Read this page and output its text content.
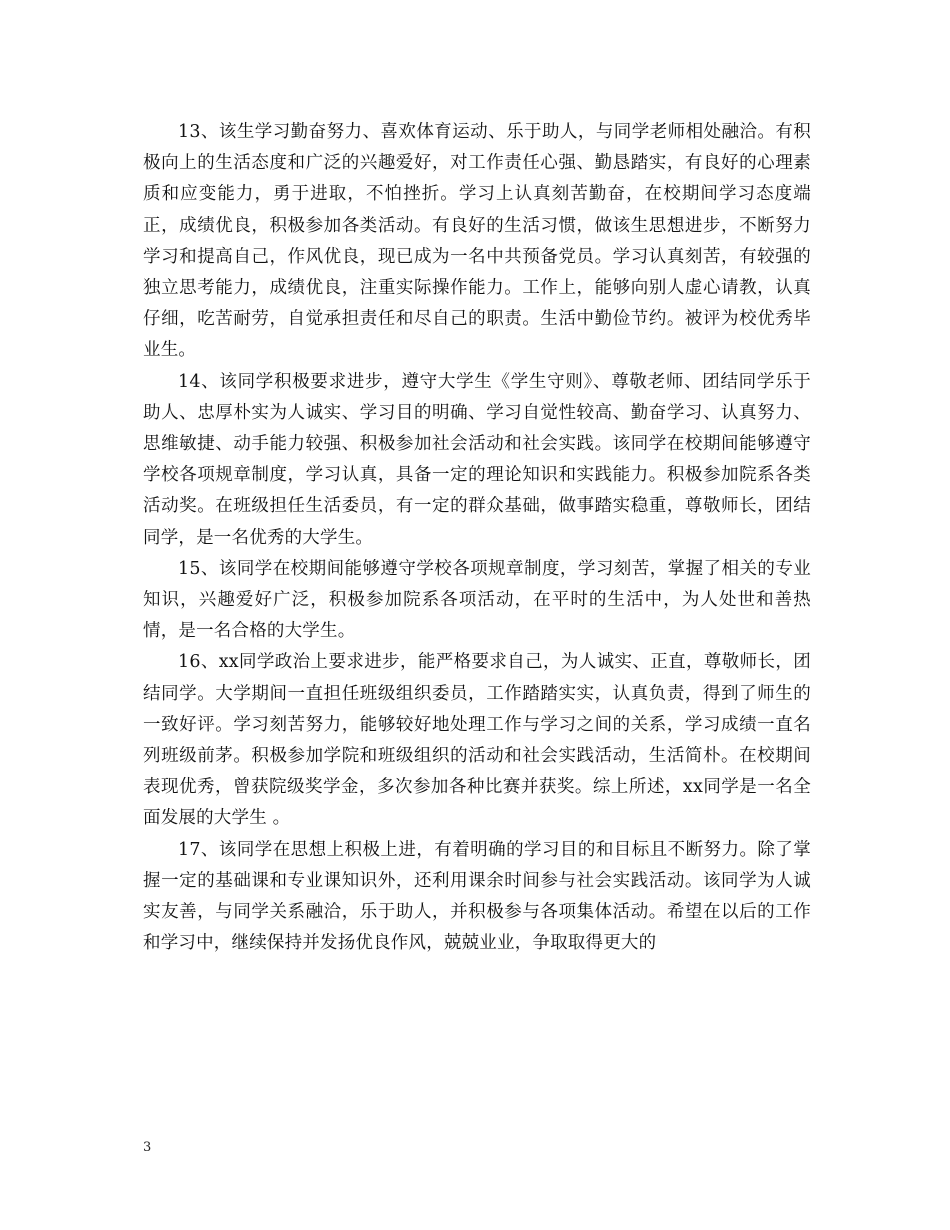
13、该生学习勤奋努力、喜欢体育运动、乐于助人，与同学老师相处融洽。有积极向上的生活态度和广泛的兴趣爱好，对工作责任心强、勤恳踏实，有良好的心理素质和应变能力，勇于进取，不怕挫折。学习上认真刻苦勤奋，在校期间学习态度端正，成绩优良，积极参加各类活动。有良好的生活习惯，做该生思想进步，不断努力学习和提高自己，作风优良，现已成为一名中共预备党员。学习认真刻苦，有较强的独立思考能力，成绩优良，注重实际操作能力。工作上，能够向别人虚心请教，认真仔细，吃苦耐劳，自觉承担责任和尽自己的职责。生活中勤俭节约。被评为校优秀毕业生。

14、该同学积极要求进步，遵守大学生《学生守则》、尊敬老师、团结同学乐于助人、忠厚朴实为人诚实、学习目的明确、学习自觉性较高、勤奋学习、认真努力、思维敏捷、动手能力较强、积极参加社会活动和社会实践。该同学在校期间能够遵守学校各项规章制度，学习认真，具备一定的理论知识和实践能力。积极参加院系各类活动奖。在班级担任生活委员，有一定的群众基础，做事踏实稳重，尊敬师长，团结同学，是一名优秀的大学生。

15、该同学在校期间能够遵守学校各项规章制度，学习刻苦，掌握了相关的专业知识，兴趣爱好广泛，积极参加院系各项活动，在平时的生活中，为人处世和善热情，是一名合格的大学生。

16、xx同学政治上要求进步，能严格要求自己，为人诚实、正直，尊敬师长，团结同学。大学期间一直担任班级组织委员，工作踏踏实实，认真负责，得到了师生的一致好评。学习刻苦努力，能够较好地处理工作与学习之间的关系，学习成绩一直名列班级前茅。积极参加学院和班级组织的活动和社会实践活动，生活简朴。在校期间表现优秀，曾获院级奖学金，多次参加各种比赛并获奖。综上所述，xx同学是一名全面发展的大学生 。

17、该同学在思想上积极上进，有着明确的学习目的和目标且不断努力。除了掌握一定的基础课和专业课知识外，还利用课余时间参与社会实践活动。该同学为人诚实友善，与同学关系融洽，乐于助人，并积极参与各项集体活动。希望在以后的工作和学习中，继续保持并发扬优良作风，兢兢业业，争取取得更大的

3
